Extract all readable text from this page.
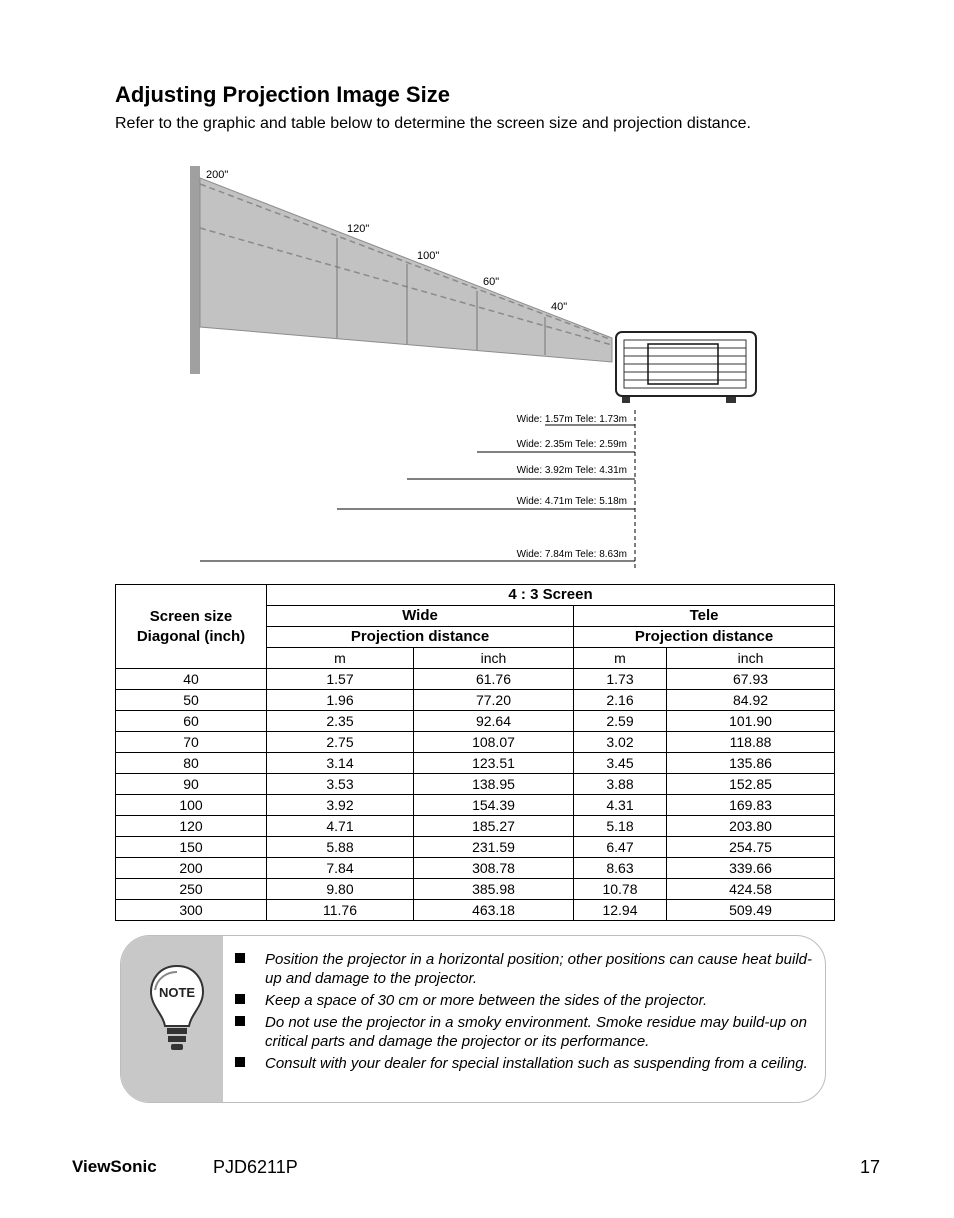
Adjusting Projection Image Size

Refer to the graphic and table below to determine the screen size and projection distance.

200"
120"
100"
60"
40"
Wide: 1.57m Tele: 1.73m
Wide: 2.35m Tele: 2.59m
Wide: 3.92m Tele: 4.31m
Wide: 4.71m Tele: 5.18m
Wide: 7.84m Tele: 8.63m
Screen size
Diagonal (inch)	4 : 3 Screen			
	Wide		Tele	
	Projection distance		Projection distance	
	m	inch	m	inch
40	1.57	61.76	1.73	67.93
50	1.96	77.20	2.16	84.92
60	2.35	92.64	2.59	101.90
70	2.75	108.07	3.02	118.88
80	3.14	123.51	3.45	135.86
90	3.53	138.95	3.88	152.85
100	3.92	154.39	4.31	169.83
120	4.71	185.27	5.18	203.80
150	5.88	231.59	6.47	254.75
200	7.84	308.78	8.63	339.66
250	9.80	385.98	10.78	424.58
300	11.76	463.18	12.94	509.49
NOTE
Position the projector in a horizontal position; other positions can cause heat build-up and damage to the projector.
Keep a space of 30 cm or more between the sides of the projector.
Do not use the projector in a smoky environment. Smoke residue may build-up on critical parts and damage the projector or its performance.
Consult with your dealer for special installation such as suspending from a ceiling.
ViewSonic	PJD6211P	17
